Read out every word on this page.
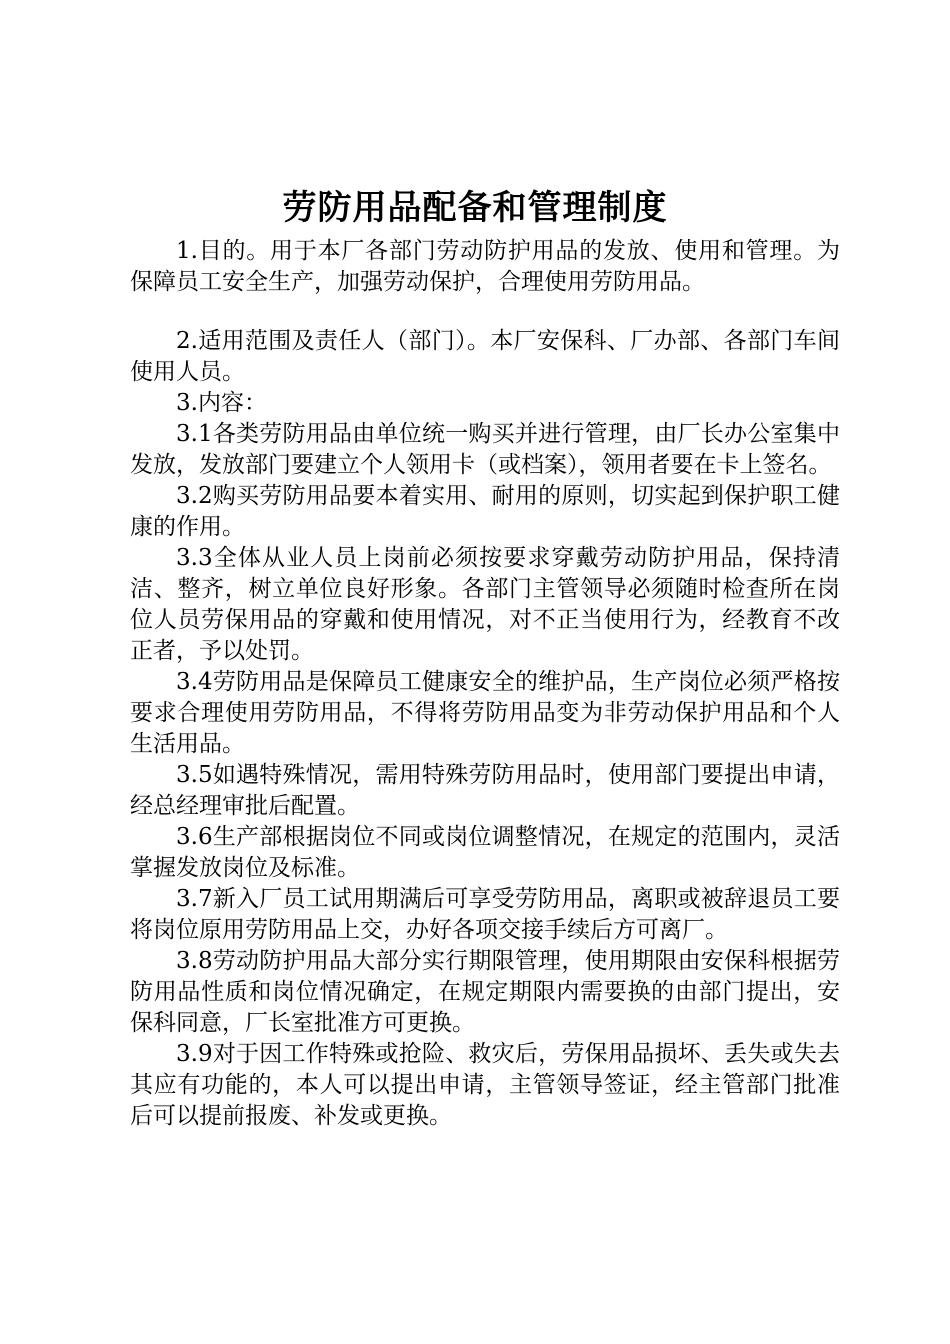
劳防用品配备和管理制度

1.目的。用于本厂各部门劳动防护用品的发放、使用和管理。为保障员工安全生产，加强劳动保护，合理使用劳防用品。

2.适用范围及责任人（部门）。本厂安保科、厂办部、各部门车间使用人员。

3.内容：

3.1各类劳防用品由单位统一购买并进行管理，由厂长办公室集中发放，发放部门要建立个人领用卡（或档案），领用者要在卡上签名。

3.2购买劳防用品要本着实用、耐用的原则，切实起到保护职工健康的作用。

3.3全体从业人员上岗前必须按要求穿戴劳动防护用品，保持清洁、整齐，树立单位良好形象。各部门主管领导必须随时检查所在岗位人员劳保用品的穿戴和使用情况，对不正当使用行为，经教育不改正者，予以处罚。

3.4劳防用品是保障员工健康安全的维护品，生产岗位必须严格按要求合理使用劳防用品，不得将劳防用品变为非劳动保护用品和个人生活用品。

3.5如遇特殊情况，需用特殊劳防用品时，使用部门要提出申请，经总经理审批后配置。

3.6生产部根据岗位不同或岗位调整情况，在规定的范围内，灵活掌握发放岗位及标准。

3.7新入厂员工试用期满后可享受劳防用品，离职或被辞退员工要将岗位原用劳防用品上交，办好各项交接手续后方可离厂。

3.8劳动防护用品大部分实行期限管理，使用期限由安保科根据劳防用品性质和岗位情况确定，在规定期限内需要换的由部门提出，安保科同意，厂长室批准方可更换。

3.9对于因工作特殊或抢险、救灾后，劳保用品损坏、丢失或失去其应有功能的，本人可以提出申请，主管领导签证，经主管部门批准后可以提前报废、补发或更换。
